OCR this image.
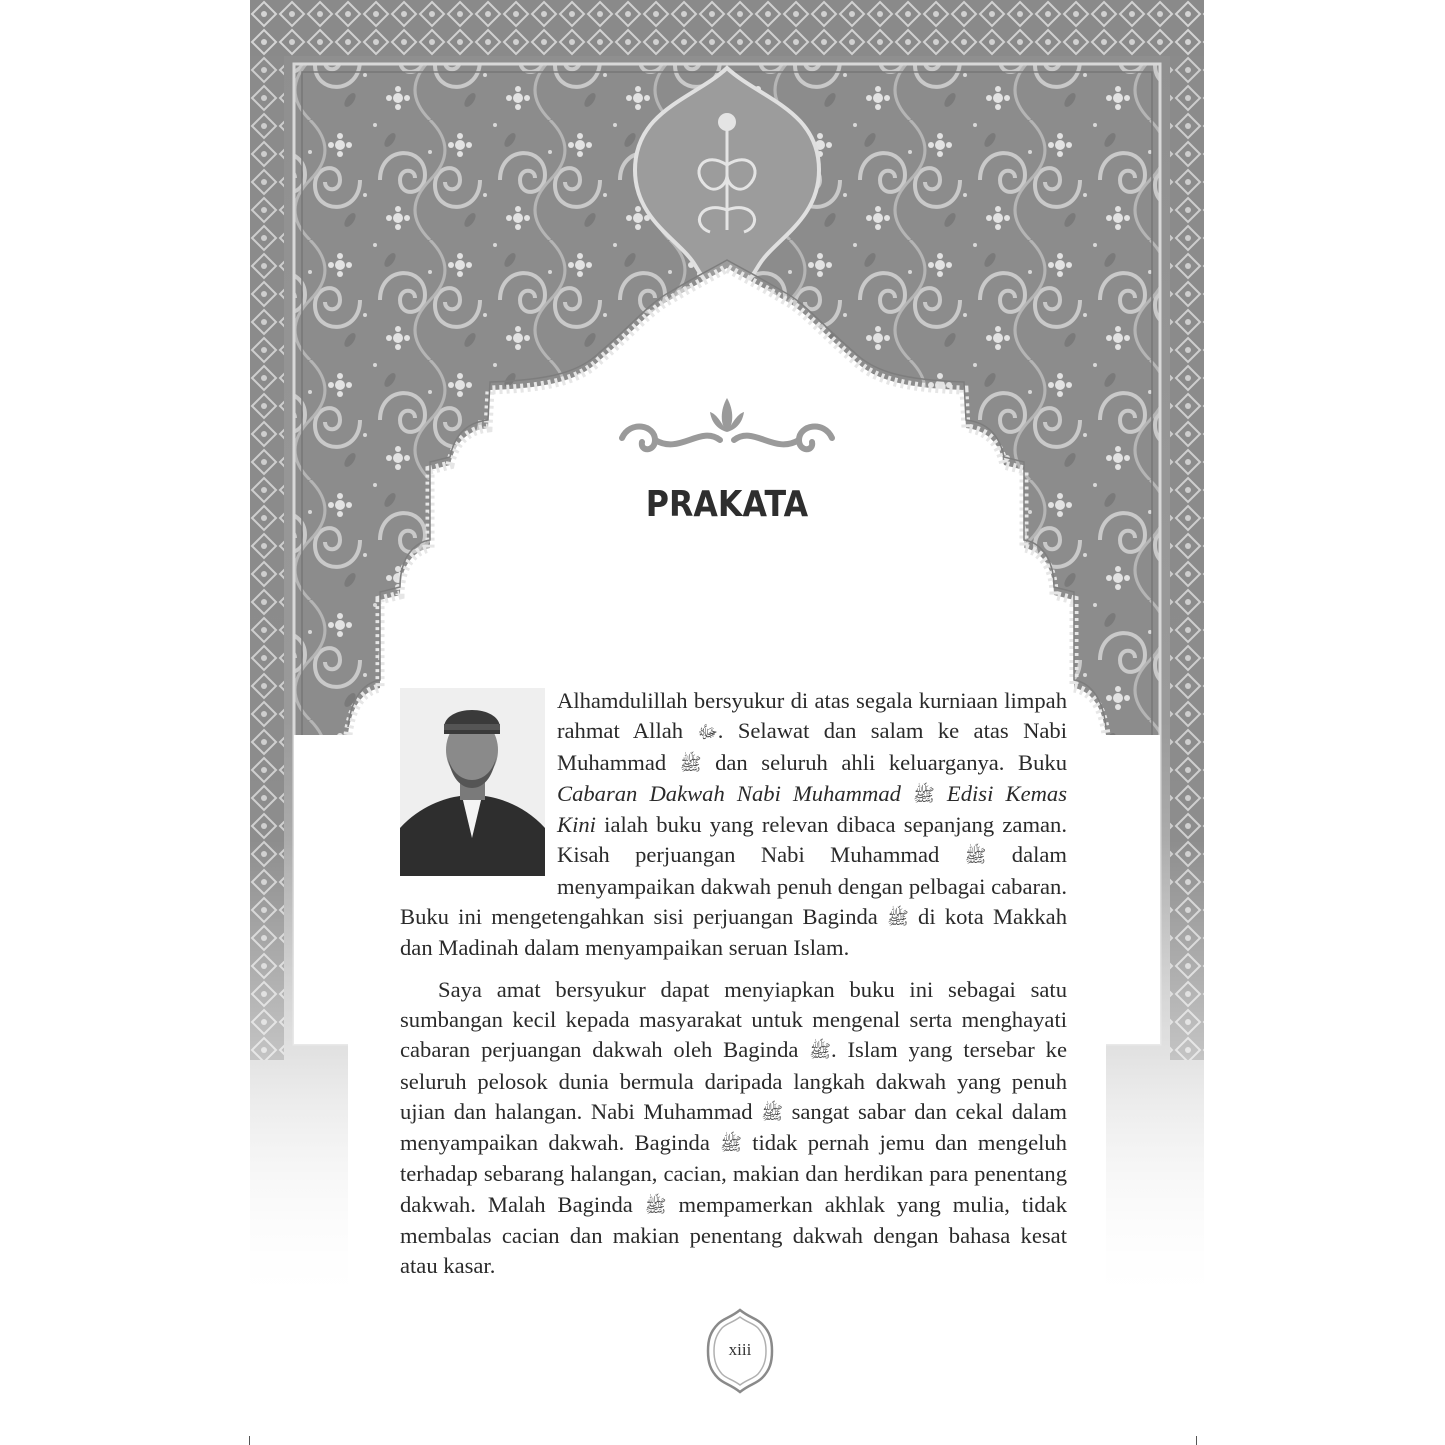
PRAKATA

Alhamdulillah bersyukur di atas segala kurniaan limpah rahmat Allah ﷻ. Selawat dan salam ke atas Nabi Muhammad ﷺ dan seluruh ahli keluarganya. Buku Cabaran Dakwah Nabi Muhammad ﷺ Edisi Kemas Kini ialah buku yang relevan dibaca sepanjang zaman. Kisah perjuangan Nabi Muhammad ﷺ dalam menyampaikan dakwah penuh dengan pelbagai cabaran. Buku ini mengetengahkan sisi perjuangan Baginda ﷺ di kota Makkah dan Madinah dalam menyampaikan seruan Islam.

Saya amat bersyukur dapat menyiapkan buku ini sebagai satu sumbangan kecil kepada masyarakat untuk mengenal serta menghayati cabaran perjuangan dakwah oleh Baginda ﷺ. Islam yang tersebar ke seluruh pelosok dunia bermula daripada langkah dakwah yang penuh ujian dan halangan. Nabi Muhammad ﷺ sangat sabar dan cekal dalam menyampaikan dakwah. Baginda ﷺ tidak pernah jemu dan mengeluh terhadap sebarang halangan, cacian, makian dan herdikan para penentang dakwah. Malah Baginda ﷺ mempamerkan akhlak yang mulia, tidak membalas cacian dan makian penentang dakwah dengan bahasa kesat atau kasar.

xiii
